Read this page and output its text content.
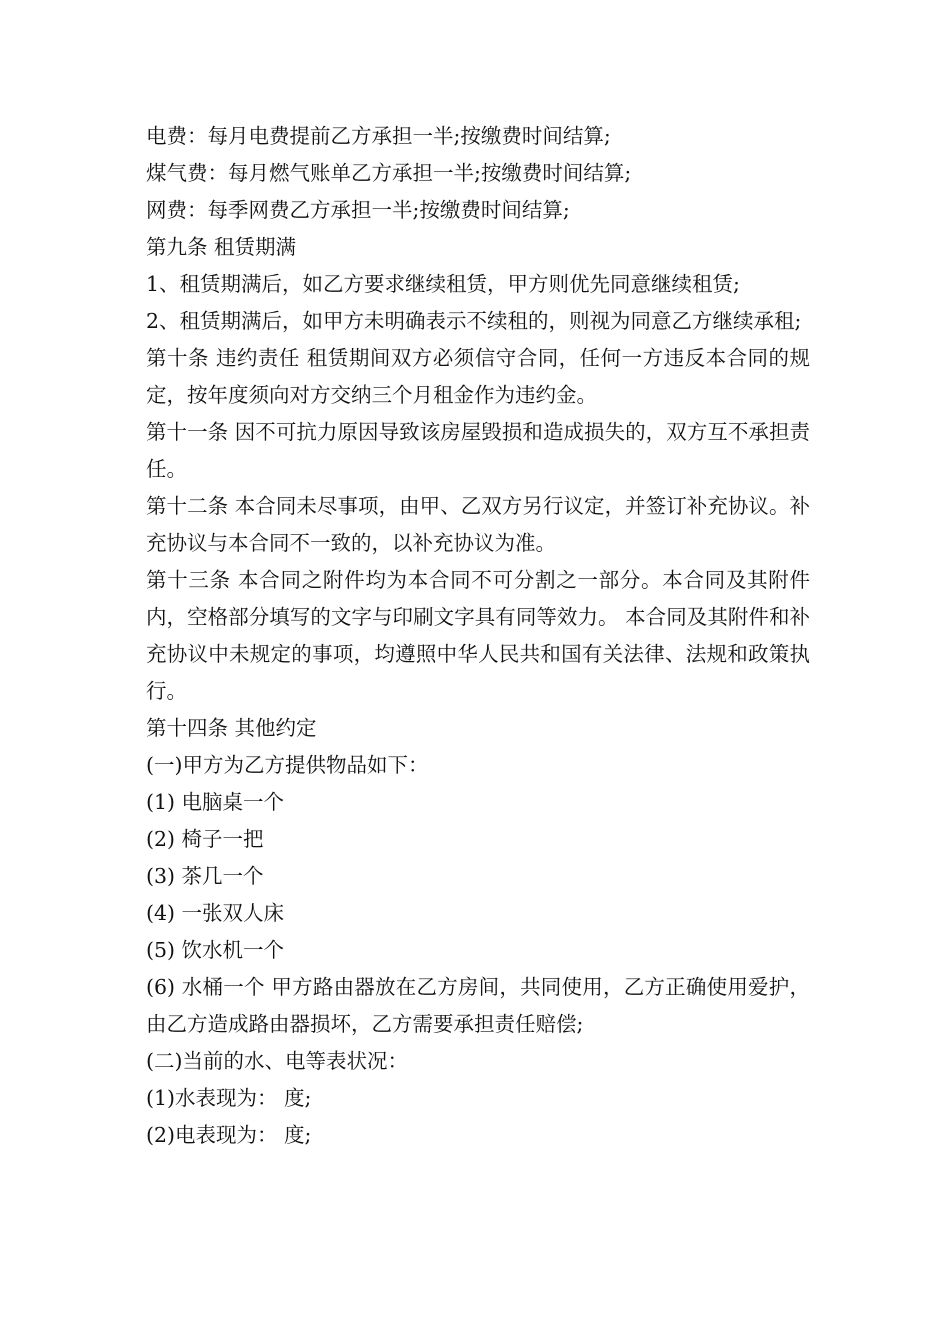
电费：每月电费提前乙方承担一半;按缴费时间结算;

煤气费：每月燃气账单乙方承担一半;按缴费时间结算;

网费：每季网费乙方承担一半;按缴费时间结算;

第九条 租赁期满

1、租赁期满后，如乙方要求继续租赁，甲方则优先同意继续租赁;

2、租赁期满后，如甲方未明确表示不续租的，则视为同意乙方继续承租;

第十条 违约责任 租赁期间双方必须信守合同，任何一方违反本合同的规定，按年度须向对方交纳三个月租金作为违约金。

第十一条 因不可抗力原因导致该房屋毁损和造成损失的，双方互不承担责任。

第十二条 本合同未尽事项，由甲、乙双方另行议定，并签订补充协议。补充协议与本合同不一致的，以补充协议为准。

第十三条 本合同之附件均为本合同不可分割之一部分。本合同及其附件内，空格部分填写的文字与印刷文字具有同等效力。 本合同及其附件和补充协议中未规定的事项，均遵照中华人民共和国有关法律、法规和政策执行。

第十四条 其他约定

(一)甲方为乙方提供物品如下：

(1) 电脑桌一个

(2) 椅子一把

(3) 茶几一个

(4) 一张双人床

(5) 饮水机一个

(6) 水桶一个 甲方路由器放在乙方房间，共同使用，乙方正确使用爱护，由乙方造成路由器损坏，乙方需要承担责任赔偿;

(二)当前的水、电等表状况：

(1)水表现为： 度;

(2)电表现为： 度;
